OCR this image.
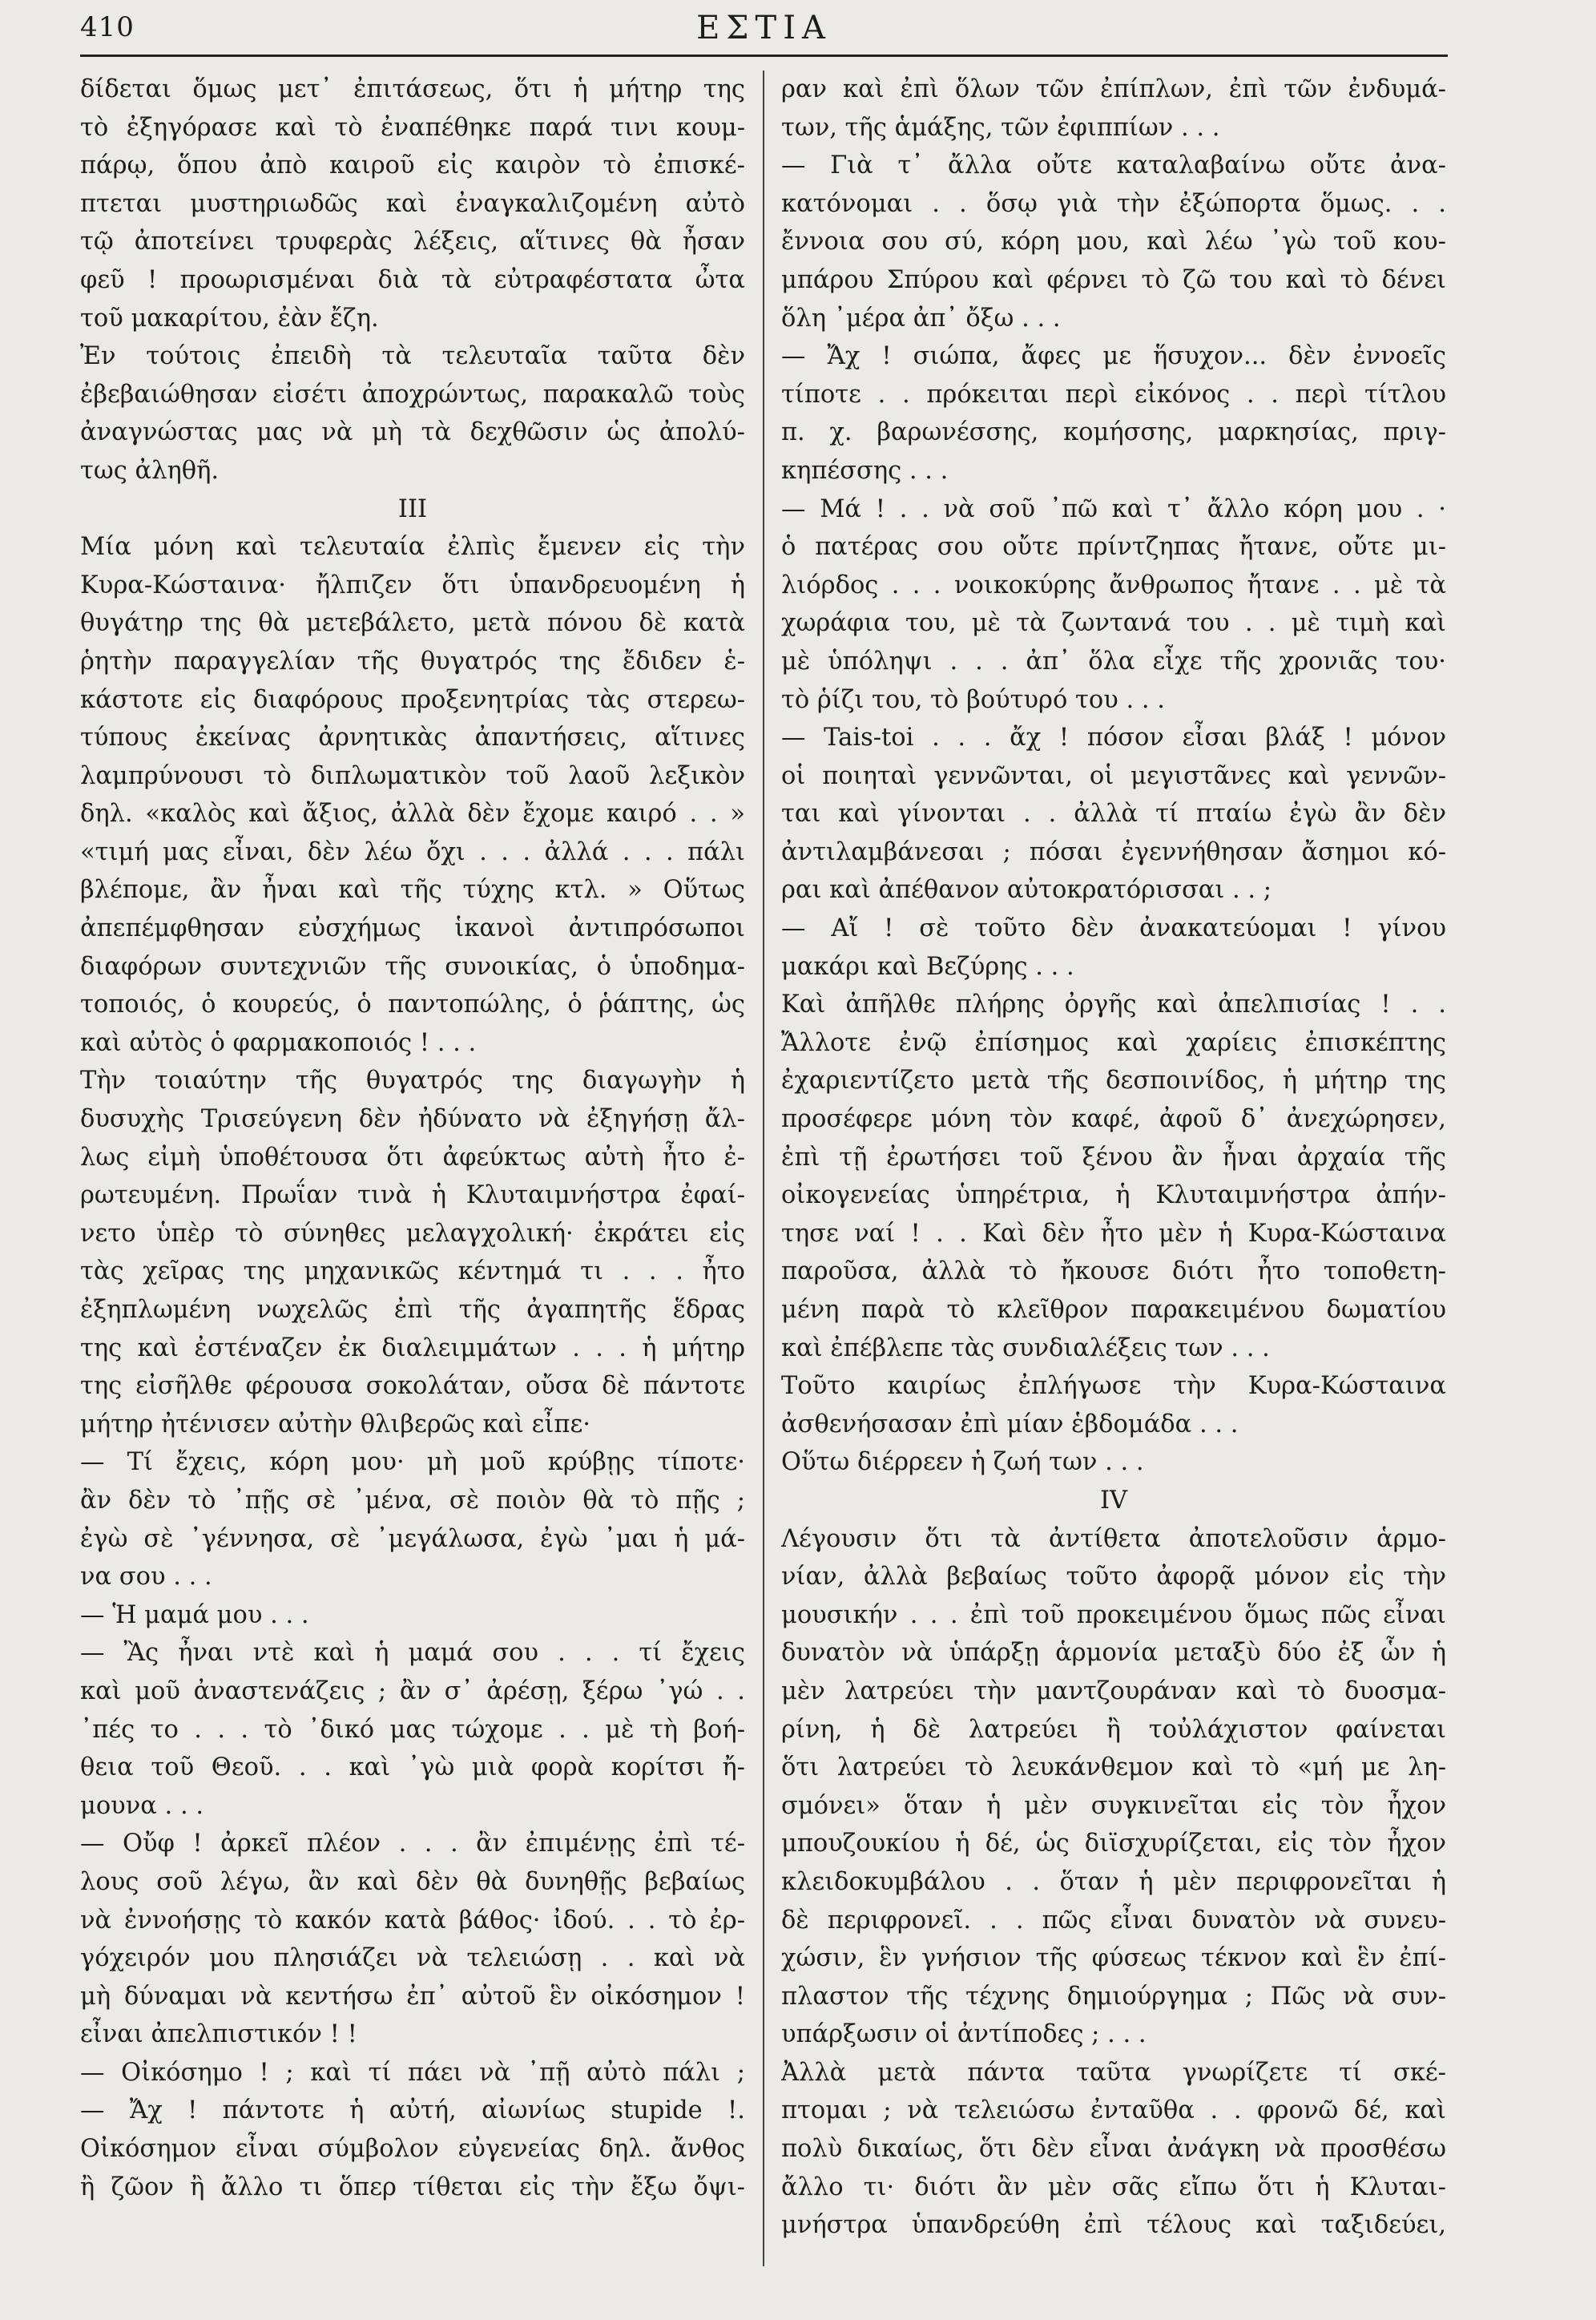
410	ΕΣΤΙΑ
δίδεται ὅμως μετ᾽ ἐπιτάσεως, ὅτι ἡ μήτηρ της
τὸ ἐξηγόρασε καὶ τὸ ἐναπέθηκε παρά τινι κουμ-
πάρῳ, ὅπου ἀπὸ καιροῦ εἰς καιρὸν τὸ ἐπισκέ-
πτεται μυστηριωδῶς καὶ ἐναγκαλιζομένη αὐτὸ
τῷ ἀποτείνει τρυφερὰς λέξεις, αἵτινες θὰ ἦσαν
φεῦ ! προωρισμέναι διὰ τὰ εὐτραφέστατα ὦτα
τοῦ μακαρίτου, ἐὰν ἔζη.
Ἐν τούτοις ἐπειδὴ τὰ τελευταῖα ταῦτα δὲν
ἐβεβαιώθησαν εἰσέτι ἀποχρώντως, παρακαλῶ τοὺς
ἀναγνώστας μας νὰ μὴ τὰ δεχθῶσιν ὡς ἀπολύ-
τως ἀληθῆ.
III
Μία μόνη καὶ τελευταία ἐλπὶς ἔμενεν εἰς τὴν
Κυρα-Κώσταινα· ἤλπιζεν ὅτι ὑπανδρευομένη ἡ
θυγάτηρ της θὰ μετεβάλετο, μετὰ πόνου δὲ κατὰ
ῥητὴν παραγγελίαν τῆς θυγατρός της ἔδιδεν ἑ-
κάστοτε εἰς διαφόρους προξενητρίας τὰς στερεω-
τύπους ἐκείνας ἀρνητικὰς ἀπαντήσεις, αἵτινες
λαμπρύνουσι τὸ διπλωματικὸν τοῦ λαοῦ λεξικὸν
δηλ. «καλὸς καὶ ἄξιος, ἀλλὰ δὲν ἔχομε καιρό . . »
«τιμή μας εἶναι, δὲν λέω ὄχι . . . ἀλλά . . . πάλι
βλέπομε, ἂν ἦναι καὶ τῆς τύχης κτλ. » Οὕτως
ἀπεπέμφθησαν εὐσχήμως ἱκανοὶ ἀντιπρόσωποι
διαφόρων συντεχνιῶν τῆς συνοικίας, ὁ ὑποδημα-
τοποιός, ὁ κουρεύς, ὁ παντοπώλης, ὁ ῥάπτης, ὡς
καὶ αὐτὸς ὁ φαρμακοποιός ! . . .
Τὴν τοιαύτην τῆς θυγατρός της διαγωγὴν ἡ
δυσυχὴς Τρισεύγενη δὲν ἠδύνατο νὰ ἐξηγήσῃ ἄλ-
λως εἰμὴ ὑποθέτουσα ὅτι ἀφεύκτως αὐτὴ ἦτο ἐ-
ρωτευμένη. Πρωΐαν τινὰ ἡ Κλυταιμνήστρα ἐφαί-
νετο ὑπὲρ τὸ σύνηθες μελαγχολική· ἐκράτει εἰς
τὰς χεῖρας της μηχανικῶς κέντημά τι . . . ἦτο
ἐξηπλωμένη νωχελῶς ἐπὶ τῆς ἀγαπητῆς ἕδρας
της καὶ ἐστέναζεν ἐκ διαλειμμάτων . . . ἡ μήτηρ
της εἰσῆλθε φέρουσα σοκολάταν, οὔσα δὲ πάντοτε
μήτηρ ἠτένισεν αὐτὴν θλιβερῶς καὶ εἶπε·
— Τί ἔχεις, κόρη μου· μὴ μοῦ κρύβῃς τίποτε·
ἂν δὲν τὸ ᾽πῇς σὲ ᾽μένα, σὲ ποιὸν θὰ τὸ πῇς ;
ἐγὼ σὲ ᾽γέννησα, σὲ ᾽μεγάλωσα, ἐγὼ ᾽μαι ἡ μά-
να σου . . .
— Ἡ μαμά μου . . .
— Ἂς ἦναι ντὲ καὶ ἡ μαμά σου . . . τί ἔχεις
καὶ μοῦ ἀναστενάζεις ; ἂν σ᾽ ἀρέσῃ, ξέρω ᾽γώ . .
᾽πές το . . . τὸ ᾽δικό μας τώχομε . . μὲ τὴ βοή-
θεια τοῦ Θεοῦ. . . καὶ ᾽γὼ μιὰ φορὰ κορίτσι ἤ-
μουνα . . .
— Οὔφ ! ἀρκεῖ πλέον . . . ἂν ἐπιμένῃς ἐπὶ τέ-
λους σοῦ λέγω, ἂν καὶ δὲν θὰ δυνηθῇς βεβαίως
νὰ ἐννοήσῃς τὸ κακόν κατὰ βάθος· ἰδού. . . τὸ ἐρ-
γόχειρόν μου πλησιάζει νὰ τελειώσῃ . . καὶ νὰ
μὴ δύναμαι νὰ κεντήσω ἐπ᾽ αὐτοῦ ἓν οἰκόσημον !
εἶναι ἀπελπιστικόν ! !
— Οἰκόσημο ! ; καὶ τί πάει νὰ ᾽πῇ αὐτὸ πάλι ;
— Ἄχ ! πάντοτε ἡ αὐτή, αἰωνίως stupide !.
Οἰκόσημον εἶναι σύμβολον εὐγενείας δηλ. ἄνθος
ἢ ζῶον ἢ ἄλλο τι ὅπερ τίθεται εἰς τὴν ἔξω ὄψι-
ραν καὶ ἐπὶ ὅλων τῶν ἐπίπλων, ἐπὶ τῶν ἐνδυμά-
των, τῆς ἁμάξης, τῶν ἐφιππίων . . .
— Γιὰ τ᾽ ἄλλα οὔτε καταλαβαίνω οὔτε ἀνα-
κατόνομαι . . ὅσῳ γιὰ τὴν ἐξώπορτα ὅμως. . .
ἔννοια σου σύ, κόρη μου, καὶ λέω ᾽γὼ τοῦ κου-
μπάρου Σπύρου καὶ φέρνει τὸ ζῶ του καὶ τὸ δένει
ὅλη ᾽μέρα ἀπ᾽ ὄξω . . .
— Ἄχ ! σιώπα, ἄφες με ἥσυχον... δὲν ἐννοεῖς
τίποτε . . πρόκειται περὶ εἰκόνος . . περὶ τίτλου
π. χ. βαρωνέσσης, κομήσσης, μαρκησίας, πριγ-
κηπέσσης . . .
— Μά ! . . νὰ σοῦ ᾽πῶ καὶ τ᾽ ἄλλο κόρη μου . ·
ὁ πατέρας σου οὔτε πρίντζηπας ἤτανε, οὔτε μι-
λιόρδος . . . νοικοκύρης ἄνθρωπος ἤτανε . . μὲ τὰ
χωράφια του, μὲ τὰ ζωντανά του . . μὲ τιμὴ καὶ
μὲ ὑπόληψι . . . ἀπ᾽ ὅλα εἶχε τῆς χρονιᾶς του·
τὸ ῥίζι του, τὸ βούτυρό του . . .
— Tais-toi . . . ἄχ ! πόσον εἶσαι βλάξ ! μόνον
οἱ ποιηταὶ γεννῶνται, οἱ μεγιστᾶνες καὶ γεννῶν-
ται καὶ γίνονται . . ἀλλὰ τί πταίω ἐγὼ ἂν δὲν
ἀντιλαμβάνεσαι ; πόσαι ἐγεννήθησαν ἄσημοι κό-
ραι καὶ ἀπέθανον αὐτοκρατόρισσαι . . ;
— Αἴ ! σὲ τοῦτο δὲν ἀνακατεύομαι ! γίνου
μακάρι καὶ Βεζύρης . . .
Καὶ ἀπῆλθε πλήρης ὀργῆς καὶ ἀπελπισίας ! . .
Ἄλλοτε ἐνῷ ἐπίσημος καὶ χαρίεις ἐπισκέπτης
ἐχαριεντίζετο μετὰ τῆς δεσποινίδος, ἡ μήτηρ της
προσέφερε μόνη τὸν καφέ, ἀφοῦ δ᾽ ἀνεχώρησεν,
ἐπὶ τῇ ἐρωτήσει τοῦ ξένου ἂν ἦναι ἀρχαία τῆς
οἰκογενείας ὑπηρέτρια, ἡ Κλυταιμνήστρα ἀπήν-
τησε ναί ! . . Καὶ δὲν ἦτο μὲν ἡ Κυρα-Κώσταινα
παροῦσα, ἀλλὰ τὸ ἤκουσε διότι ἦτο τοποθετη-
μένη παρὰ τὸ κλεῖθρον παρακειμένου δωματίου
καὶ ἐπέβλεπε τὰς συνδιαλέξεις των . . .
Τοῦτο καιρίως ἐπλήγωσε τὴν Κυρα-Κώσταινα
ἀσθενήσασαν ἐπὶ μίαν ἑβδομάδα . . .
Οὕτω διέρρεεν ἡ ζωή των . . .
IV
Λέγουσιν ὅτι τὰ ἀντίθετα ἀποτελοῦσιν ἁρμο-
νίαν, ἀλλὰ βεβαίως τοῦτο ἀφορᾷ μόνον εἰς τὴν
μουσικήν . . . ἐπὶ τοῦ προκειμένου ὅμως πῶς εἶναι
δυνατὸν νὰ ὑπάρξῃ ἁρμονία μεταξὺ δύο ἐξ ὧν ἡ
μὲν λατρεύει τὴν μαντζουράναν καὶ τὸ δυοσμα-
ρίνη, ἡ δὲ λατρεύει ἢ τοὐλάχιστον φαίνεται
ὅτι λατρεύει τὸ λευκάνθεμον καὶ τὸ «μή με λη-
σμόνει» ὅταν ἡ μὲν συγκινεῖται εἰς τὸν ἦχον
μπουζουκίου ἡ δέ, ὡς διϊσχυρίζεται, εἰς τὸν ἦχον
κλειδοκυμβάλου . . ὅταν ἡ μὲν περιφρονεῖται ἡ
δὲ περιφρονεῖ. . . πῶς εἶναι δυνατὸν νὰ συνευ-
χώσιν, ἓν γνήσιον τῆς φύσεως τέκνον καὶ ἓν ἐπί-
πλαστον τῆς τέχνης δημιούργημα ; Πῶς νὰ συν-
υπάρξωσιν οἱ ἀντίποδες ; . . .
Ἀλλὰ μετὰ πάντα ταῦτα γνωρίζετε τί σκέ-
πτομαι ; νὰ τελειώσω ἐνταῦθα . . φρονῶ δέ, καὶ
πολὺ δικαίως, ὅτι δὲν εἶναι ἀνάγκη νὰ προσθέσω
ἄλλο τι· διότι ἂν μὲν σᾶς εἴπω ὅτι ἡ Κλυται-
μνήστρα ὑπανδρεύθη ἐπὶ τέλους καὶ ταξιδεύει,
